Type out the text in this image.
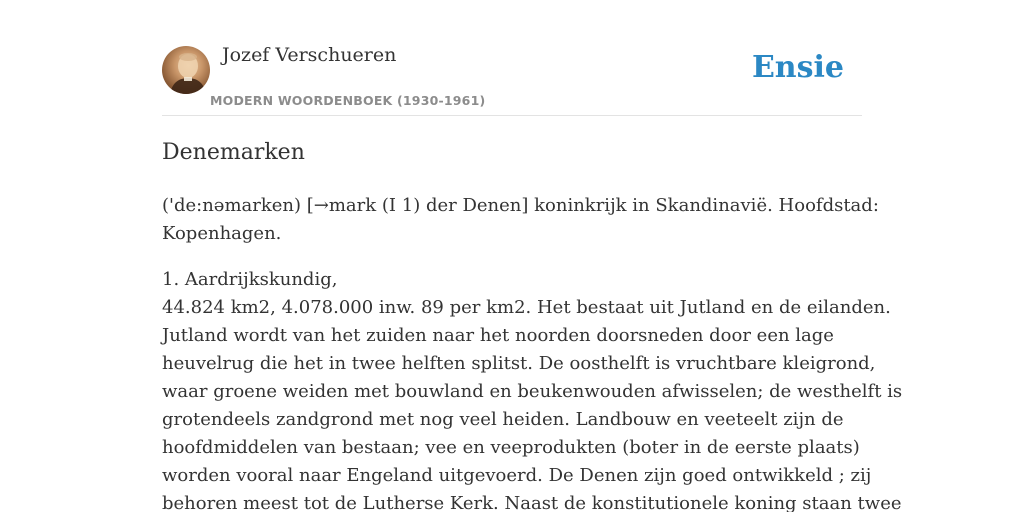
Jozef Verschueren
MODERN WOORDENBOEK (1930-1961)
Ensie
Denemarken

('de:nəmarken) [→mark (I 1) der Denen] koninkrijk in Skandinavië. Hoofdstad:
Kopenhagen.

1. Aardrijkskundig,
44.824 km2, 4.078.000 inw. 89 per km2. Het bestaat uit Jutland en de eilanden.
Jutland wordt van het zuiden naar het noorden doorsneden door een lage
heuvelrug die het in twee helften splitst. De oosthelft is vruchtbare kleigrond,
waar groene weiden met bouwland en beukenwouden afwisselen; de westhelft is
grotendeels zandgrond met nog veel heiden. Landbouw en veeteelt zijn de
hoofdmiddelen van bestaan; vee en veeprodukten (boter in de eerste plaats)
worden vooral naar Engeland uitgevoerd. De Denen zijn goed ontwikkeld ; zij
behoren meest tot de Lutherse Kerk. Naast de konstitutionele koning staan twee
